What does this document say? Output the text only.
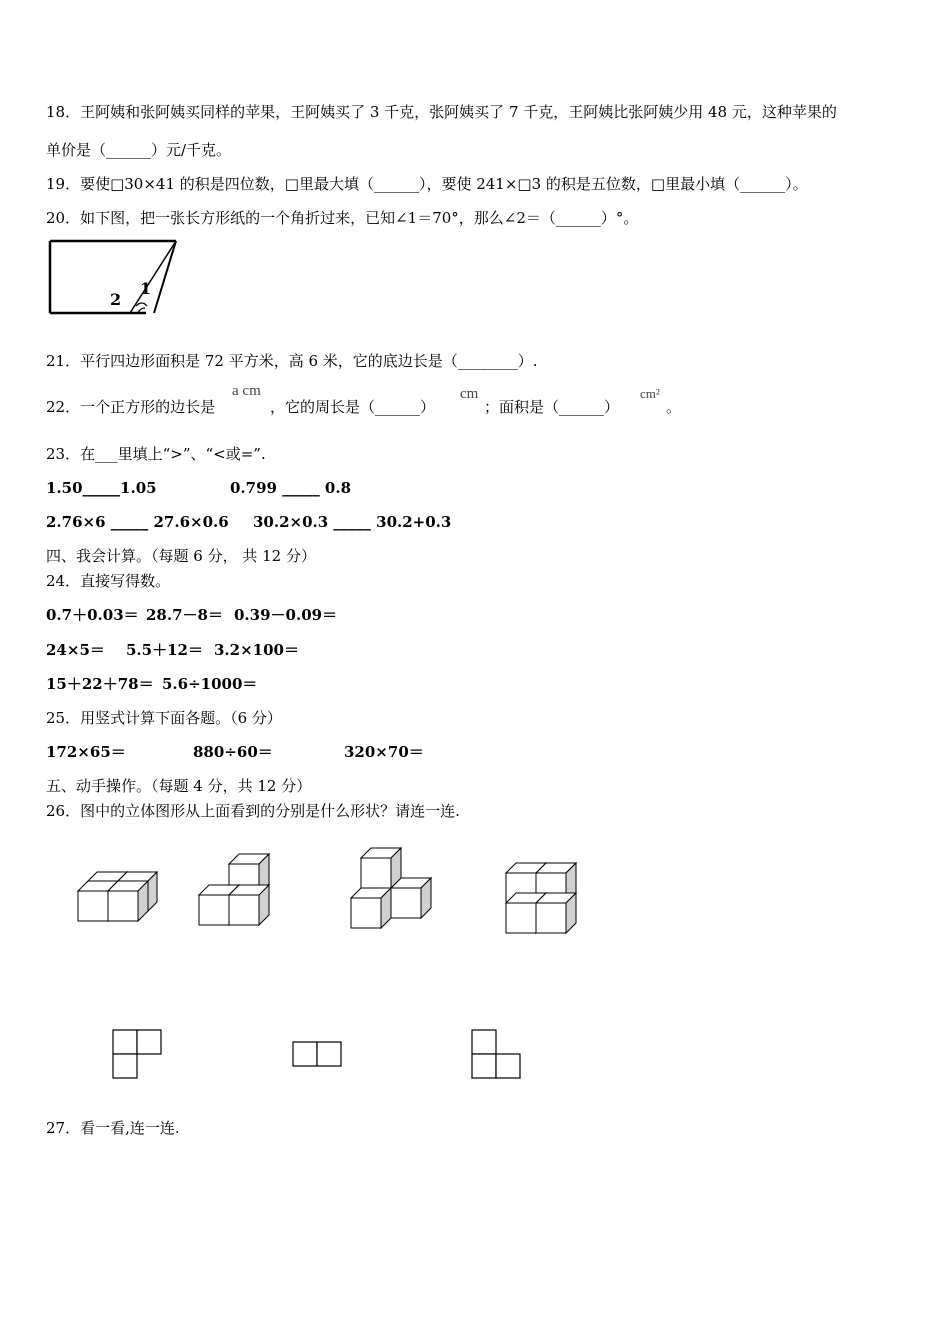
18．王阿姨和张阿姨买同样的苹果，王阿姨买了 3 千克，张阿姨买了 7 千克，王阿姨比张阿姨少用 48 元，这种苹果的
单价是（______）元/千克。
19．要使□30×41 的积是四位数，□里最大填（______），要使 241×□3 的积是五位数，□里最小填（______）。
20．如下图，把一张长方形纸的一个角折过来，已知∠1＝70°，那么∠2＝（______）°。
1
2
21．平行四边形面积是 72 平方米，高 6 米，它的底边长是（________）.
22．一个正方形的边长是
a cm
，它的周长是（______）
cm
；面积是（______）
cm²
。
23．在___里填上“>”、“<或=”.
1.50_____1.05	0.799 _____ 0.8
2.76×6 _____ 27.6×0.6 30.2×0.3 _____ 30.2+0.3
四、我会计算。（每题 6 分， 共 12 分）
24．直接写得数。
0.7＋0.03＝ 28.7－8＝ 0.39－0.09＝
24×5＝ 5.5＋12＝ 3.2×100＝
15＋22＋78＝ 5.6÷1000＝
25．用竖式计算下面各题。（6 分）
172×65＝	880÷60＝	320×70＝
五、动手操作。（每题 4 分，共 12 分）
26．图中的立体图形从上面看到的分别是什么形状？请连一连.
27．看一看,连一连.
